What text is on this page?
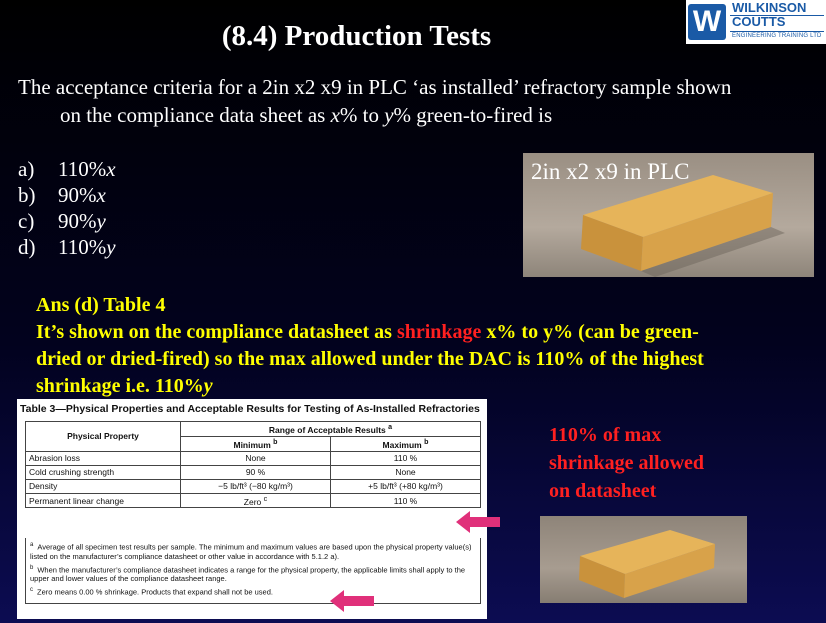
(8.4) Production Tests	W WILKINSON
COUTTS
ENGINEERING TRAINING LTD
The acceptance criteria for a 2in x2 x9 in PLC ‘as installed’ refractory sample shown
on the compliance data sheet as x% to y% green-to-fired is
a) 110%x
b) 90%x
c) 90%y
d) 110%y
2in x2 x9 in PLC
Ans (d) Table 4
It’s shown on the compliance datasheet as shrinkage x% to y% (can be green-
dried or dried-fired) so the max allowed under the DAC is 110% of the highest
shrinkage i.e. 110%y
Table 3—Physical Properties and Acceptable Results for Testing of As-Installed Refractories
Physical Property	Range of Acceptable Results $^a$
	Minimum $^b$	Maximum $^b$
Abrasion loss	None	110 %
Cold crushing strength	90 %	None
Density	−5 lb/ft³ (−80 kg/m³)	+5 lb/ft³ (+80 kg/m³)
Permanent linear change	Zero $^c$	110 %
$^a$ Average of all specimen test results per sample. The minimum and maximum values are based upon the physical property value(s) listed on the manufacturer’s compliance datasheet or other value in accordance with 5.1.2 a).
$^b$ When the manufacturer’s compliance datasheet indicates a range for the physical property, the applicable limits shall apply to the upper and lower values of the compliance datasheet range.
$^c$ Zero means 0.00 % shrinkage. Products that expand shall not be used.
110% of max
shrinkage allowed
on datasheet
